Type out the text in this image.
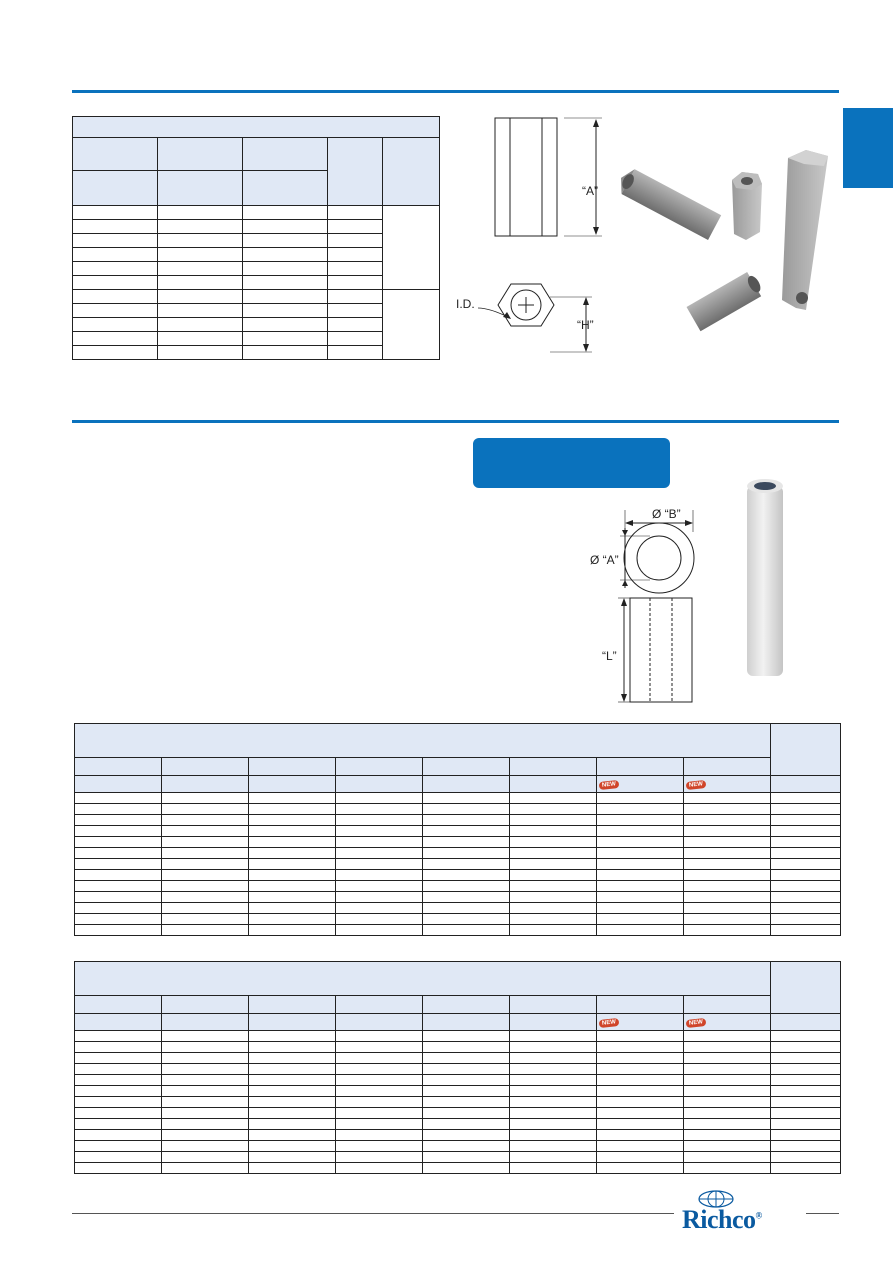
“A”
I.D.
“H”
Ø “B”
Ø “A”
“L”

						NEW	NEW	

						NEW	NEW	

Richco®
